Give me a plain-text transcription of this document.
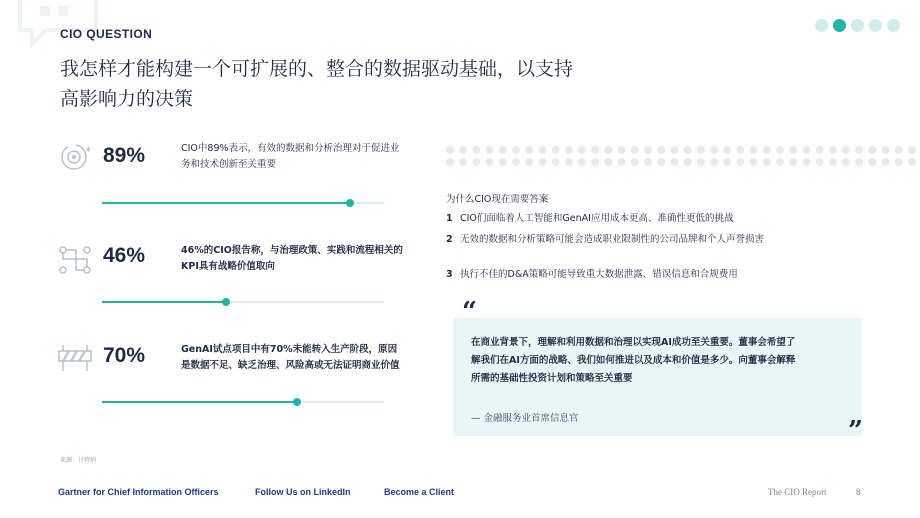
CIO QUESTION
我怎样才能构建一个可扩展的、整合的数据驱动基础，以支持
高影响力的决策
89%	CIO中89%表示，有效的数据和分析治理对于促进业务和技术创新至关重要
46%	46%的CIO报告称，与治理政策、实践和流程相关的KPI具有战略价值取向
70%	GenAI试点项目中有70%未能转入生产阶段，原因是数据不足、缺乏治理、风险高或无法证明商业价值
为什么CIO现在需要答案
1 CIO们面临着人工智能和GenAI应用成本更高、准确性更低的挑战
2 无效的数据和分析策略可能会造成职业限制性的公司品牌和个人声誉损害
3 执行不佳的D&A策略可能导致重大数据泄露、错误信息和合规费用
“
在商业背景下，理解和利用数据和治理以实现AI成功至关重要。董事会希望了解我们在AI方面的战略、我们如何推进以及成本和价值是多少。向董事会解释所需的基础性投资计划和策略至关重要
— 金融服务业首席信息官	”
来源：甘特纳
Gartner for Chief Information Officers	Follow Us on LinkedIn	Become a Client	The CIO Report	8
